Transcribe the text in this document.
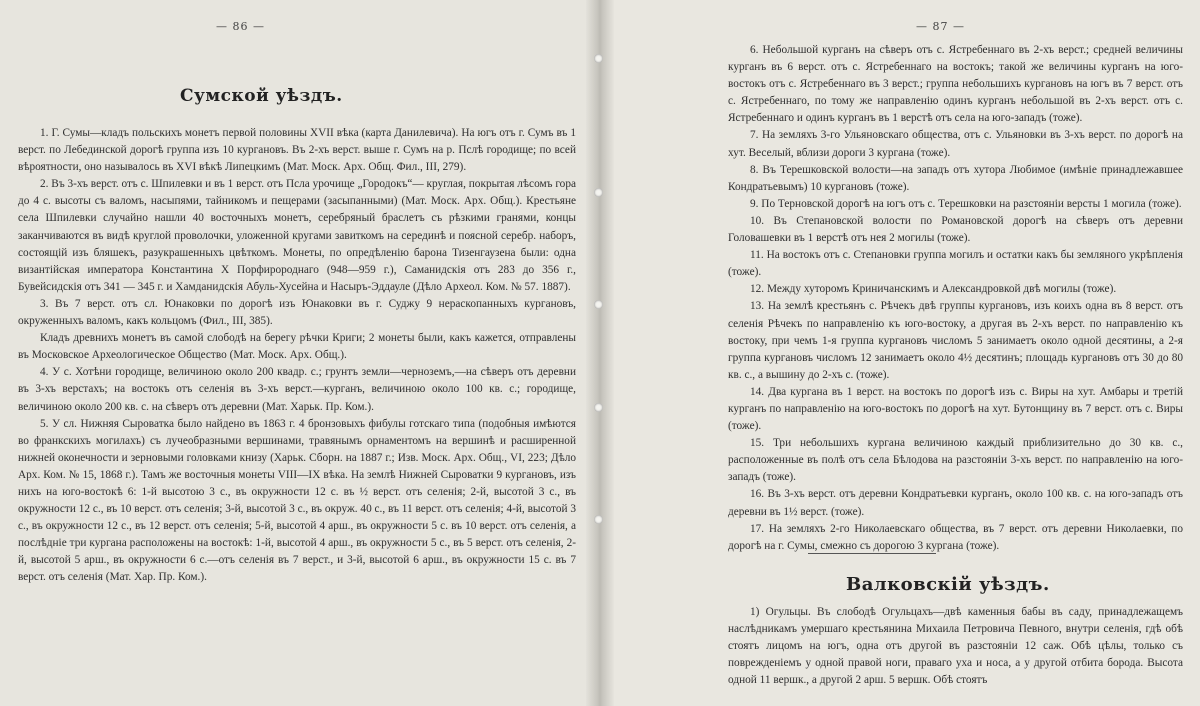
— 86 —
Сумской уѣздъ.

1. Г. Сумы—кладъ польскихъ монетъ первой половины XVII вѣка (карта Данилевича). На югъ отъ г. Сумъ въ 1 верст. по Лебединской дорогѣ группа изъ 10 кургановъ. Въ 2-хъ верст. выше г. Сумъ на р. Пслѣ городище; по всей вѣроятности, оно называлось въ XVI вѣкѣ Липецкимъ (Мат. Моск. Арх. Общ. Фил., III, 279).

2. Въ 3-хъ верст. отъ с. Шпилевки и въ 1 верст. отъ Псла урочище „Городокъ“— круглая, покрытая лѣсомъ гора до 4 с. высоты съ валомъ, насыпями, тайникомъ и пещерами (засыпанными) (Мат. Моск. Арх. Общ.). Крестьяне села Шпилевки случайно нашли 40 восточныхъ монетъ, серебряный браслетъ съ рѣзкими гранями, концы заканчиваются въ видѣ круглой проволочки, уложенной кругами завиткомъ на серединѣ и поясной серебр. наборъ, состоящій изъ бляшекъ, разукрашенныхъ цвѣткомъ. Монеты, по опредѣленію барона Тизенгаузена были: одна византійская императора Константина X Порфиророднаго (948—959 г.), Саманидскія отъ 283 до 356 г., Бувейсидскія отъ 341 — 345 г. и Хамданидскія Абуль-Хусейна и Насыръ-Эддауле (Дѣло Археол. Ком. № 57. 1887).

3. Въ 7 верст. отъ сл. Юнаковки по дорогѣ изъ Юнаковки въ г. Суджу 9 нераскопанныхъ кургановъ, окруженныхъ валомъ, какъ кольцомъ (Фил., III, 385).

Кладъ древнихъ монетъ въ самой слободѣ на берегу рѣчки Криги; 2 монеты были, какъ кажется, отправлены въ Московское Археологическое Общество (Мат. Моск. Арх. Общ.).

4. У с. Хотѣни городище, величиною около 200 квадр. с.; грунтъ земли—черноземъ,—на сѣверъ отъ деревни въ 3-хъ верстахъ; на востокъ отъ селенія въ 3-хъ верст.—курганъ, величиною около 100 кв. с.; городище, величиною около 200 кв. с. на сѣверъ отъ деревни (Мат. Харьк. Пр. Ком.).

5. У сл. Нижняя Сыроватка было найдено въ 1863 г. 4 бронзовыхъ фибулы готскаго типа (подобныя имѣются во франкскихъ могилахъ) съ лучеобразными вершинами, травянымъ орнаментомъ на вершинѣ и расширенной нижней оконечности и зерновыми головками книзу (Харьк. Сборн. на 1887 г.; Изв. Моск. Арх. Общ., VI, 223; Дѣло Арх. Ком. № 15, 1868 г.). Тамъ же восточныя монеты VIII—IX вѣка. На землѣ Нижней Сыроватки 9 кургановъ, изъ нихъ на юго-востокѣ 6: 1-й высотою 3 с., въ окружности 12 с. въ ½ верст. отъ селенія; 2-й, высотой 3 с., въ окружности 12 с., въ 10 верст. отъ селенія; 3-й, высотой 3 с., въ окруж. 40 с., въ 11 верст. отъ селенія; 4-й, высотой 3 с., въ окружности 12 с., въ 12 верст. отъ селенія; 5-й, высотой 4 арш., въ окружности 5 с. въ 10 верст. отъ селенія, а послѣдніе три кургана расположены на востокѣ: 1-й, высотой 4 арш., въ окружности 5 с., въ 5 верст. отъ селенія, 2-й, высотой 5 арш., въ окружности 6 с.—отъ селенія въ 7 верст., и 3-й, высотой 6 арш., въ окружности 15 с. въ 7 верст. отъ селенія (Мат. Хар. Пр. Ком.).

— 87 —

6. Небольшой курганъ на сѣверъ отъ с. Ястребеннаго въ 2-хъ верст.; средней величины курганъ въ 6 верст. отъ с. Ястребеннаго на востокъ; такой же величины курганъ на юго-востокъ отъ с. Ястребеннаго въ 3 верст.; группа небольшихъ кургановъ на югъ въ 7 верст. отъ с. Ястребеннаго, по тому же направленію одинъ курганъ небольшой въ 2-хъ верст. отъ с. Ястребеннаго и одинъ курганъ въ 1 верстѣ отъ села на юго-западъ (тоже).

7. На земляхъ 3-го Ульяновскаго общества, отъ с. Ульяновки въ 3-хъ верст. по дорогѣ на хут. Веселый, вблизи дороги 3 кургана (тоже).

8. Въ Терешковской волости—на западъ отъ хутора Любимое (имѣніе принадлежавшее Кондратьевымъ) 10 кургановъ (тоже).

9. По Терновской дорогѣ на югъ отъ с. Терешковки на разстояніи версты 1 могила (тоже).

10. Въ Степановской волости по Романовской дорогѣ на сѣверъ отъ деревни Головашевки въ 1 верстѣ отъ нея 2 могилы (тоже).

11. На востокъ отъ с. Степановки группа могилъ и остатки какъ бы земляного укрѣпленія (тоже).

12. Между хуторомъ Криничанскимъ и Александровкой двѣ могилы (тоже).

13. На землѣ крестьянъ с. Рѣчекъ двѣ группы кургановъ, изъ коихъ одна въ 8 верст. отъ селенія Рѣчекъ по направленію къ юго-востоку, а другая въ 2-хъ верст. по направленію къ востоку, при чемъ 1-я группа кургановъ числомъ 5 занимаетъ около одной десятины, а 2-я группа кургановъ числомъ 12 занимаетъ около 4½ десятинъ; площадь кургановъ отъ 30 до 80 кв. с., а вышину до 2-хъ с. (тоже).

14. Два кургана въ 1 верст. на востокъ по дорогѣ изъ с. Виры на хут. Амбары и третій курганъ по направленію на юго-востокъ по дорогѣ на хут. Бутонщину въ 7 верст. отъ с. Виры (тоже).

15. Три небольшихъ кургана величиною каждый приблизительно до 30 кв. с., расположенные въ полѣ отъ села Бѣлодова на разстояніи 3-хъ верст. по направленію на юго-западъ (тоже).

16. Въ 3-хъ верст. отъ деревни Кондратьевки курганъ, около 100 кв. с. на юго-западъ отъ деревни въ 1½ верст. (тоже).

17. На земляхъ 2-го Николаевскаго общества, въ 7 верст. отъ деревни Николаевки, по дорогѣ на г. Сумы, смежно съ дорогою 3 кургана (тоже).

Валковскій уѣздъ.

1) Огульцы. Въ слободѣ Огульцахъ—двѣ каменныя бабы въ саду, принадлежащемъ наслѣдникамъ умершаго крестьянина Михаила Петровича Певного, внутри селенія, гдѣ обѣ стоятъ лицомъ на югъ, одна отъ другой въ разстояніи 12 саж. Обѣ цѣлы, только съ поврежденіемъ у одной правой ноги, праваго уха и носа, а у другой отбита борода. Высота одной 11 вершк., а другой 2 арш. 5 вершк. Обѣ стоятъ
